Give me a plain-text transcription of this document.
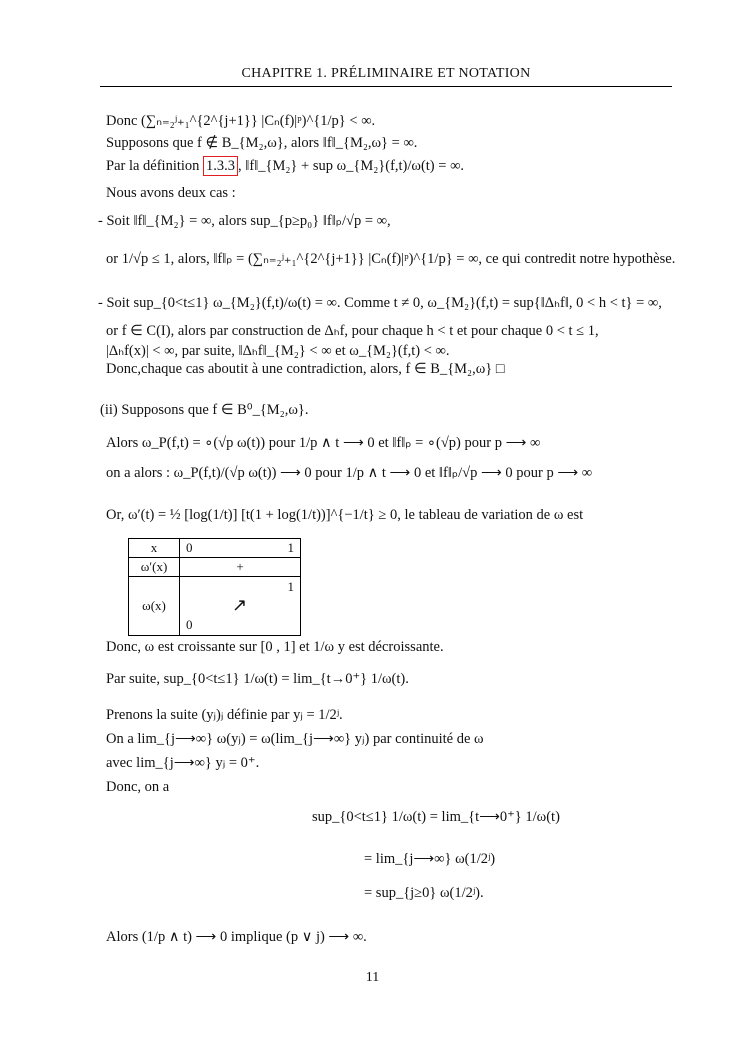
CHAPITRE 1. PRÉLIMINAIRE ET NOTATION
Donc (∑ₙ₌₂ʲ₊₁^{2^{j+1}} |Cₙ(f)|ᵖ)^{1/p} < ∞.
Supposons que f ∉ B_{M₂,ω}, alors ‖f‖_{M₂,ω} = ∞.
Par la définition 1.3.3 , ‖f‖_{M₂} + sup ω_{M₂}(f,t)/ω(t) = ∞.
Nous avons deux cas :
- Soit ‖f‖_{M₂} = ∞, alors sup_{p≥p₀} ‖f‖ₚ/√p = ∞,
or 1/√p ≤ 1, alors, ‖f‖ₚ = (∑ₙ₌₂ʲ₊₁^{2^{j+1}} |Cₙ(f)|ᵖ)^{1/p} = ∞, ce qui contredit notre hypothèse.
- Soit sup_{0<t≤1} ω_{M₂}(f,t)/ω(t) = ∞. Comme t ≠ 0, ω_{M₂}(f,t) = sup{‖Δₕf‖, 0 < h < t} = ∞,
or f ∈ C(I), alors par construction de Δₕf, pour chaque h < t et pour chaque 0 < t ≤ 1,
|Δₕf(x)| < ∞, par suite, ‖Δₕf‖_{M₂} < ∞ et ω_{M₂}(f,t) < ∞.
Donc,chaque cas aboutit à une contradiction, alors, f ∈ B_{M₂,ω} □
(ii) Supposons que f ∈ B⁰_{M₂,ω}.
Alors ω_P(f,t) = ∘(√p ω(t)) pour 1/p ∧ t ⟶ 0 et ‖f‖ₚ = ∘(√p) pour p ⟶ ∞
on a alors : ω_P(f,t)/(√p ω(t)) ⟶ 0 pour 1/p ∧ t ⟶ 0 et ‖f‖ₚ/√p ⟶ 0 pour p ⟶ ∞
Or, ω′(t) = ½ [log(1/t)] [t(1 + log(1/t))]^{−1/t} ≥ 0, le tableau de variation de ω est
x	0	1
ω′(x)	+	
ω(x)	1
↗
0	
Donc, ω est croissante sur [0 , 1] et 1/ω y est décroissante.
Par suite, sup_{0<t≤1} 1/ω(t) = lim_{t→0⁺} 1/ω(t).
Prenons la suite (yⱼ)ⱼ définie par yⱼ = 1/2ʲ.
On a lim_{j⟶∞} ω(yⱼ) = ω(lim_{j⟶∞} yⱼ) par continuité de ω
avec lim_{j⟶∞} yⱼ = 0⁺.
Donc, on a
sup_{0<t≤1} 1/ω(t) = lim_{t⟶0⁺} 1/ω(t)
= lim_{j⟶∞} ω(1/2ʲ)
= sup_{j≥0} ω(1/2ʲ).
Alors (1/p ∧ t) ⟶ 0 implique (p ∨ j) ⟶ ∞.
11
